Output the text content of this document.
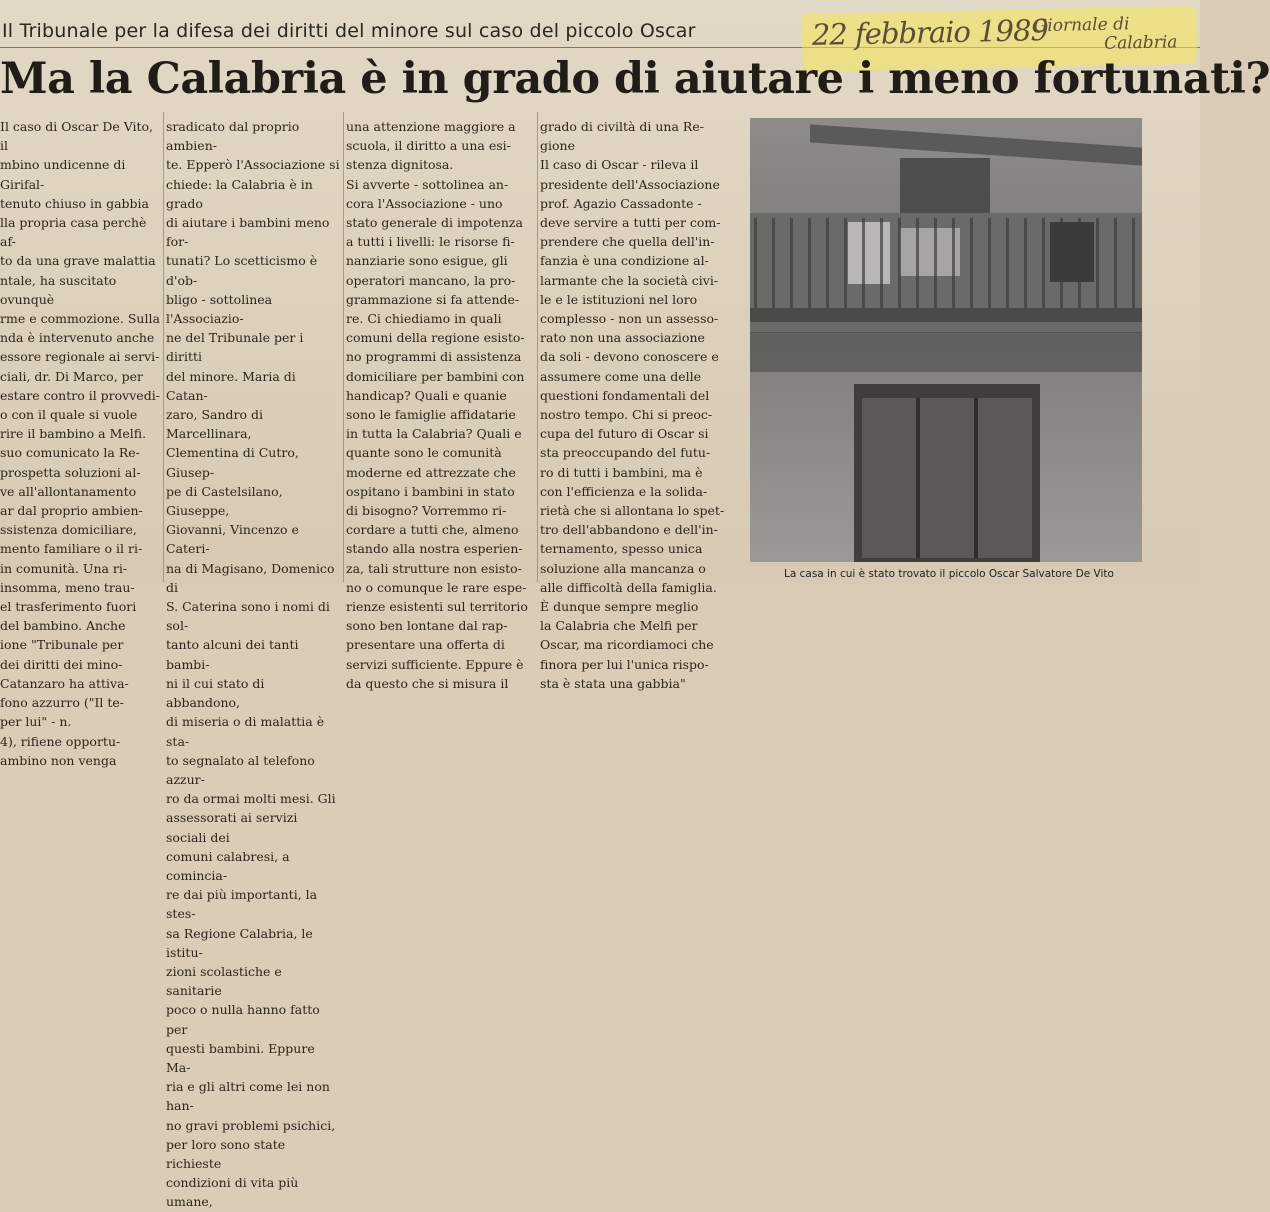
Il Tribunale per la difesa dei diritti del minore sul caso del piccolo Oscar	22 febbraio 1989
Giornale di
Calabria
Ma la Calabria è in grado di aiutare i meno fortunati?

Il caso di Oscar De Vito, il

mbino undicenne di Girifal-

tenuto chiuso in gabbia

lla propria casa perchè af-

to da una grave malattia

ntale, ha suscitato ovunquè

rme e commozione. Sulla

nda è intervenuto anche

essore regionale ai servi-

ciali, dr. Di Marco, per

estare contro il provvedi-

o con il quale si vuole

rire il bambino a Melfi.

suo comunicato la Re-

prospetta soluzioni al-

ve all'allontanamento

ar dal proprio ambien-

ssistenza domiciliare,

mento familiare o il ri-

in comunità. Una ri-

insomma, meno trau-

el trasferimento fuori

del bambino. Anche

ione "Tribunale per

dei diritti dei mino-

Catanzaro ha attiva-

fono azzurro ("Il te-

per lui" - n.

4), rifiene opportu-

ambino non venga

sradicato dal proprio ambien-

te. Epperò l'Associazione si

chiede: la Calabria è in grado

di aiutare i bambini meno for-

tunati? Lo scetticismo è d'ob-

bligo - sottolinea l'Associazio-

ne del Tribunale per i diritti

del minore. Maria di Catan-

zaro, Sandro di Marcellinara,

Clementina di Cutro, Giusep-

pe di Castelsilano, Giuseppe,

Giovanni, Vincenzo e Cateri-

na di Magisano, Domenico di

S. Caterina sono i nomi di sol-

tanto alcuni dei tanti bambi-

ni il cui stato di abbandono,

di miseria o di malattia è sta-

to segnalato al telefono azzur-

ro da ormai molti mesi. Gli

assessorati ai servizi sociali dei

comuni calabresi, a comincia-

re dai più importanti, la stes-

sa Regione Calabria, le istitu-

zioni scolastiche e sanitarie

poco o nulla hanno fatto per

questi bambini. Eppure Ma-

ria e gli altri come lei non han-

no gravi problemi psichici,

per loro sono state richieste

condizioni di vita più umane,

una attenzione maggiore a

scuola, il diritto a una esi-

stenza dignitosa.

Si avverte - sottolinea an-

cora l'Associazione - uno

stato generale di impotenza

a tutti i livelli: le risorse fi-

nanziarie sono esigue, gli

operatori mancano, la pro-

grammazione si fa attende-

re. Ci chiediamo in quali

comuni della regione esisto-

no programmi di assistenza

domiciliare per bambini con

handicap? Quali e quanie

sono le famiglie affidatarie

in tutta la Calabria? Quali e

quante sono le comunità

moderne ed attrezzate che

ospitano i bambini in stato

di bisogno? Vorremmo ri-

cordare a tutti che, almeno

stando alla nostra esperien-

za, tali strutture non esisto-

no o comunque le rare espe-

rienze esistenti sul territorio

sono ben lontane dal rap-

presentare una offerta di

servizi sufficiente. Eppure è

da questo che si misura il

grado di civiltà di una Re-

gione

Il caso di Oscar - rileva il

presidente dell'Associazione

prof. Agazio Cassadonte -

deve servire a tutti per com-

prendere che quella dell'in-

fanzia è una condizione al-

larmante che la società civi-

le e le istituzioni nel loro

complesso - non un assesso-

rato non una associazione

da soli - devono conoscere e

assumere come una delle

questioni fondamentali del

nostro tempo. Chi si preoc-

cupa del futuro di Oscar si

sta preoccupando del futu-

ro di tutti i bambini, ma è

con l'efficienza e la solida-

rietà che si allontana lo spet-

tro dell'abbandono e dell'in-

ternamento, spesso unica

soluzione alla mancanza o

alle difficoltà della famiglia.

È dunque sempre meglio

la Calabria che Melfi per

Oscar, ma ricordiamoci che

finora per lui l'unica rispo-

sta è stata una gabbia"

La casa in cui è stato trovato il piccolo Oscar Salvatore De Vito
